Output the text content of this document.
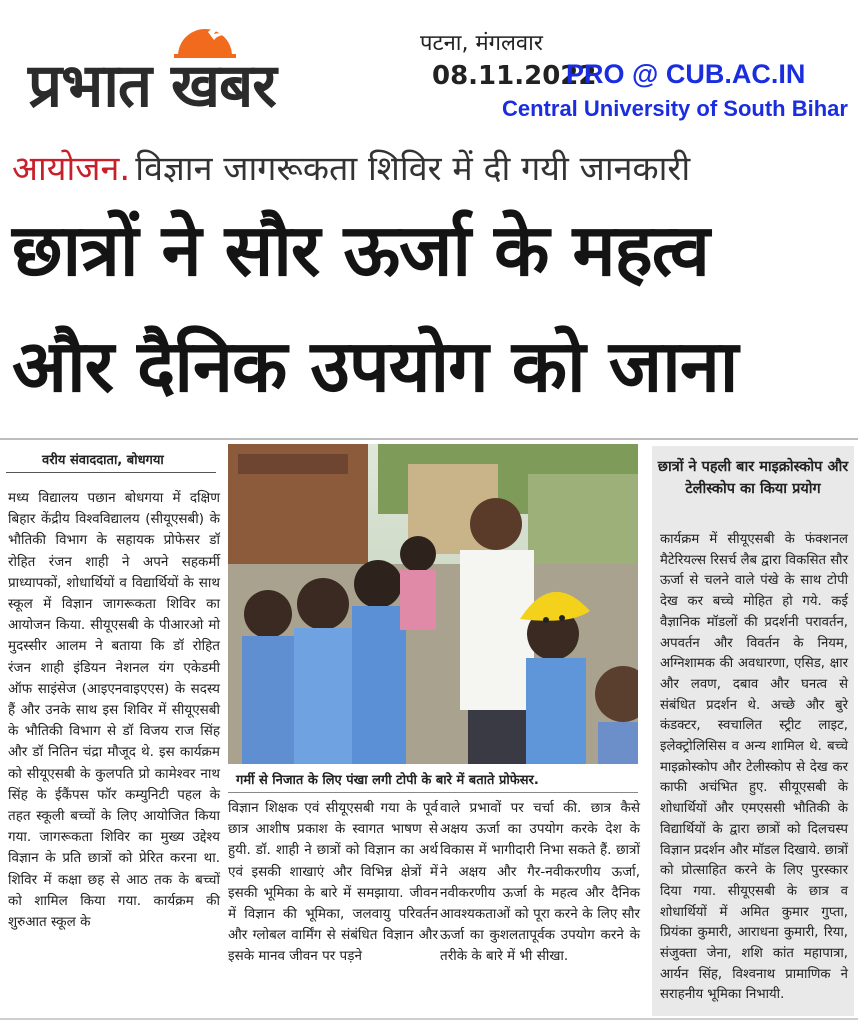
प्रभात खबर
पटना, मंगलवार
08.11.2022
PRO @ CUB.AC.IN
Central University of South Bihar
आयोजन. विज्ञान जागरूकता शिविर में दी गयी जानकारी
छात्रों ने सौर ऊर्जा के महत्व
और दैनिक उपयोग को जाना
वरीय संवाददाता, बोधगया
मध्य विद्यालय पछान बोधगया में दक्षिण बिहार केंद्रीय विश्वविद्यालय (सीयूएसबी) के भौतिकी विभाग के सहायक प्रोफेसर डॉ रोहित रंजन शाही ने अपने सहकर्मी प्राध्यापकों, शोधार्थियों व विद्यार्थियों के साथ स्कूल में विज्ञान जागरूकता शिविर का आयोजन किया. सीयूएसबी के पीआरओ मो मुदस्सीर आलम ने बताया कि डॉ रोहित रंजन शाही इंडियन नेशनल यंग एकेडमी ऑफ साइंसेज (आइएनवाइएएस) के सदस्य हैं और उनके साथ इस शिविर में सीयूएसबी के भौतिकी विभाग से डॉ विजय राज सिंह और डॉ नितिन चंद्रा मौजूद थे. इस कार्यक्रम को सीयूएसबी के कुलपति प्रो कामेश्वर नाथ सिंह के ईकैंपस फॉर कम्युनिटी पहल के तहत स्कूली बच्चों के लिए आयोजित किया गया. जागरूकता शिविर का मुख्य उद्देश्य विज्ञान के प्रति छात्रों को प्रेरित करना था. शिविर में कक्षा छह से आठ तक के बच्चों को शामिल किया गया. कार्यक्रम की शुरुआत स्कूल के
गर्मी से निजात के लिए पंखा लगी टोपी के बारे में बताते प्रोफेसर.
विज्ञान शिक्षक एवं सीयूएसबी गया के पूर्व छात्र आशीष प्रकाश के स्वागत भाषण से हुयी. डॉ. शाही ने छात्रों को विज्ञान का अर्थ एवं इसकी शाखाएं और विभिन्न क्षेत्रों में इसकी भूमिका के बारे में समझाया. जीवन में विज्ञान की भूमिका, जलवायु परिवर्तन और ग्लोबल वार्मिंग से संबंधित विज्ञान और इसके मानव जीवन पर पड़ने
वाले प्रभावों पर चर्चा की. छात्र कैसे अक्षय ऊर्जा का उपयोग करके देश के विकास में भागीदारी निभा सकते हैं. छात्रों ने अक्षय और गैर-नवीकरणीय ऊर्जा, नवीकरणीय ऊर्जा के महत्व और दैनिक आवश्यकताओं को पूरा करने के लिए सौर ऊर्जा का कुशलतापूर्वक उपयोग करने के तरीके के बारे में भी सीखा.
छात्रों ने पहली बार माइक्रोस्कोप और टेलीस्कोप का किया प्रयोग
कार्यक्रम में सीयूएसबी के फंक्शनल मैटेरियल्स रिसर्च लैब द्वारा विकसित सौर ऊर्जा से चलने वाले पंखे के साथ टोपी देख कर बच्चे मोहित हो गये. कई वैज्ञानिक मॉडलों की प्रदर्शनी परावर्तन, अपवर्तन और विवर्तन के नियम, अग्निशामक की अवधारणा, एसिड, क्षार और लवण, दबाव और घनत्व से संबंधित प्रदर्शन थे. अच्छे और बुरे कंडक्टर, स्वचालित स्ट्रीट लाइट, इलेक्ट्रोलिसिस व अन्य शामिल थे. बच्चे माइक्रोस्कोप और टेलीस्कोप से देख कर काफी अचंभित हुए. सीयूएसबी के शोधार्थियों और एमएससी भौतिकी के विद्यार्थियों के द्वारा छात्रों को दिलचस्प विज्ञान प्रदर्शन और मॉडल दिखाये. छात्रों को प्रोत्साहित करने के लिए पुरस्कार दिया गया. सीयूएसबी के छात्र व शोधार्थियों में अमित कुमार गुप्ता, प्रियंका कुमारी, आराधना कुमारी, रिया, संजुक्ता जेना, शशि कांत महापात्रा, आर्यन सिंह, विश्वनाथ प्रामाणिक ने सराहनीय भूमिका निभायी.
